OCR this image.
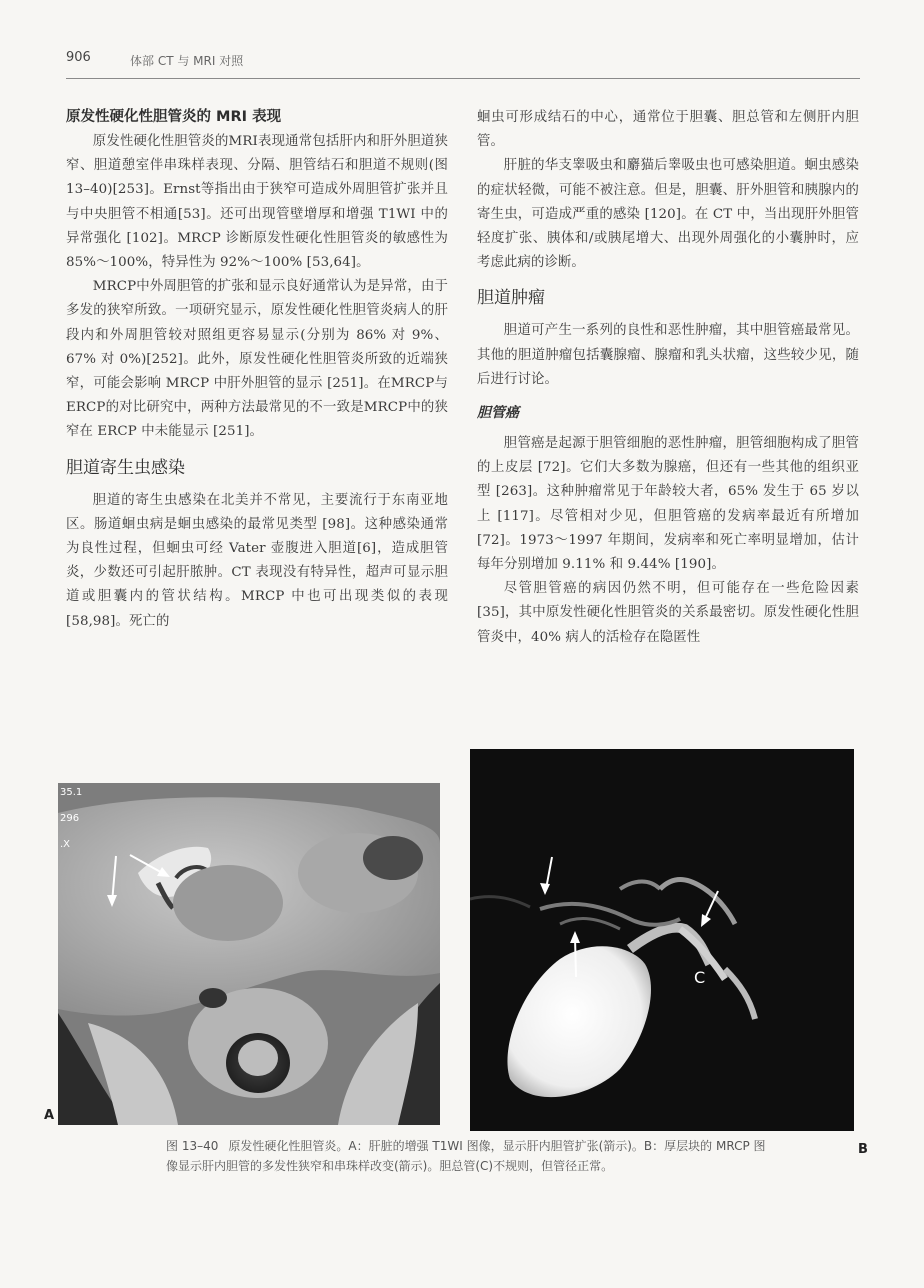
906	体部 CT 与 MRI 对照
原发性硬化性胆管炎的 MRI 表现

原发性硬化性胆管炎的MRI表现通常包括肝内和肝外胆道狭窄、胆道憩室伴串珠样表现、分隔、胆管结石和胆道不规则(图13–40)[253]。Ernst等指出由于狭窄可造成外周胆管扩张并且与中央胆管不相通[53]。还可出现管壁增厚和增强 T1WI 中的异常强化 [102]。MRCP 诊断原发性硬化性胆管炎的敏感性为 85%～100%，特异性为 92%～100% [53,64]。

MRCP中外周胆管的扩张和显示良好通常认为是异常，由于多发的狭窄所致。一项研究显示，原发性硬化性胆管炎病人的肝段内和外周胆管较对照组更容易显示(分别为 86% 对 9%、67% 对 0%)[252]。此外，原发性硬化性胆管炎所致的近端狭窄，可能会影响 MRCP 中肝外胆管的显示 [251]。在MRCP与ERCP的对比研究中，两种方法最常见的不一致是MRCP中的狭窄在 ERCP 中未能显示 [251]。

胆道寄生虫感染

胆道的寄生虫感染在北美并不常见，主要流行于东南亚地区。肠道蛔虫病是蛔虫感染的最常见类型 [98]。这种感染通常为良性过程，但蛔虫可经 Vater 壶腹进入胆道[6]，造成胆管炎，少数还可引起肝脓肿。CT 表现没有特异性，超声可显示胆道或胆囊内的管状结构。MRCP 中也可出现类似的表现 [58,98]。死亡的

蛔虫可形成结石的中心，通常位于胆囊、胆总管和左侧肝内胆管。

肝脏的华支睾吸虫和麝猫后睾吸虫也可感染胆道。蛔虫感染的症状轻微，可能不被注意。但是，胆囊、肝外胆管和胰腺内的寄生虫，可造成严重的感染 [120]。在 CT 中，当出现肝外胆管轻度扩张、胰体和/或胰尾增大、出现外周强化的小囊肿时，应考虑此病的诊断。

胆道肿瘤

胆道可产生一系列的良性和恶性肿瘤，其中胆管癌最常见。其他的胆道肿瘤包括囊腺瘤、腺瘤和乳头状瘤，这些较少见，随后进行讨论。

胆管癌

胆管癌是起源于胆管细胞的恶性肿瘤，胆管细胞构成了胆管的上皮层 [72]。它们大多数为腺癌，但还有一些其他的组织亚型 [263]。这种肿瘤常见于年龄较大者，65% 发生于 65 岁以上 [117]。尽管相对少见，但胆管癌的发病率最近有所增加 [72]。1973～1997 年期间，发病率和死亡率明显增加，估计每年分别增加 9.11% 和 9.44% [190]。

尽管胆管癌的病因仍然不明，但可能存在一些危险因素 [35]，其中原发性硬化性胆管炎的关系最密切。原发性硬化性胆管炎中，40% 病人的活检存在隐匿性

35.1
296
.X
A
C
B
图 13–40 原发性硬化性胆管炎。A：肝脏的增强 T1WI 图像，显示肝内胆管扩张(箭示)。B：厚层块的 MRCP 图像显示肝内胆管的多发性狭窄和串珠样改变(箭示)。胆总管(C)不规则，但管径正常。
